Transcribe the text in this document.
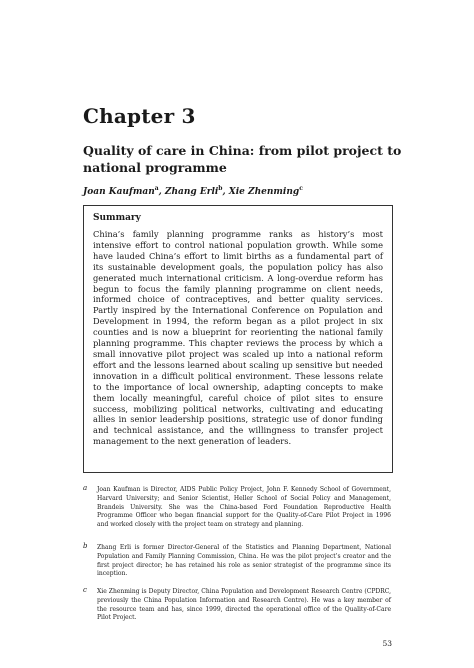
Chapter 3
Quality of care in China: from pilot project to
national programme
Joan Kaufman$^a$, Zhang Erli$^b$, Xie Zhenming$^c$
Summary
China’s family planning programme ranks as history’s most intensive effort to control national population growth. While some have lauded China’s effort to limit births as a fundamental part of its sustainable development goals, the population policy has also generated much international criticism. A long-overdue reform has begun to focus the family planning programme on client needs, informed choice of contraceptives, and better quality services. Partly inspired by the International Conference on Population and Development in 1994, the reform began as a pilot project in six counties and is now a blueprint for reorienting the national family planning programme. This chapter reviews the process by which a small innovative pilot project was scaled up into a national reform effort and the lessons learned about scaling up sensitive but needed innovation in a difficult political environment. These lessons relate to the importance of local ownership, adapting concepts to make them locally meaningful, careful choice of pilot sites to ensure success, mobilizing political networks, cultivating and educating allies in senior leadership positions, strategic use of donor funding and technical assistance, and the willingness to transfer project management to the next generation of leaders.
a	Joan Kaufman is Director, AIDS Public Policy Project, John F. Kennedy School of Government, Harvard University; and Senior Scientist, Heller School of Social Policy and Management, Brandeis University. She was the China-based Ford Foundation Reproductive Health Programme Officer who began financial support for the Quality-of-Care Pilot Project in 1996 and worked closely with the project team on strategy and planning.
b	Zhang Erli is former Director-General of the Statistics and Planning Department, National Population and Family Planning Commission, China. He was the pilot project’s creator and the first project director; he has retained his role as senior strategist of the programme since its inception.
c	Xie Zhenming is Deputy Director, China Population and Development Research Centre (CPDRC, previously the China Population Information and Research Centre). He was a key member of the resource team and has, since 1999, directed the operational office of the Quality-of-Care Pilot Project.
53
